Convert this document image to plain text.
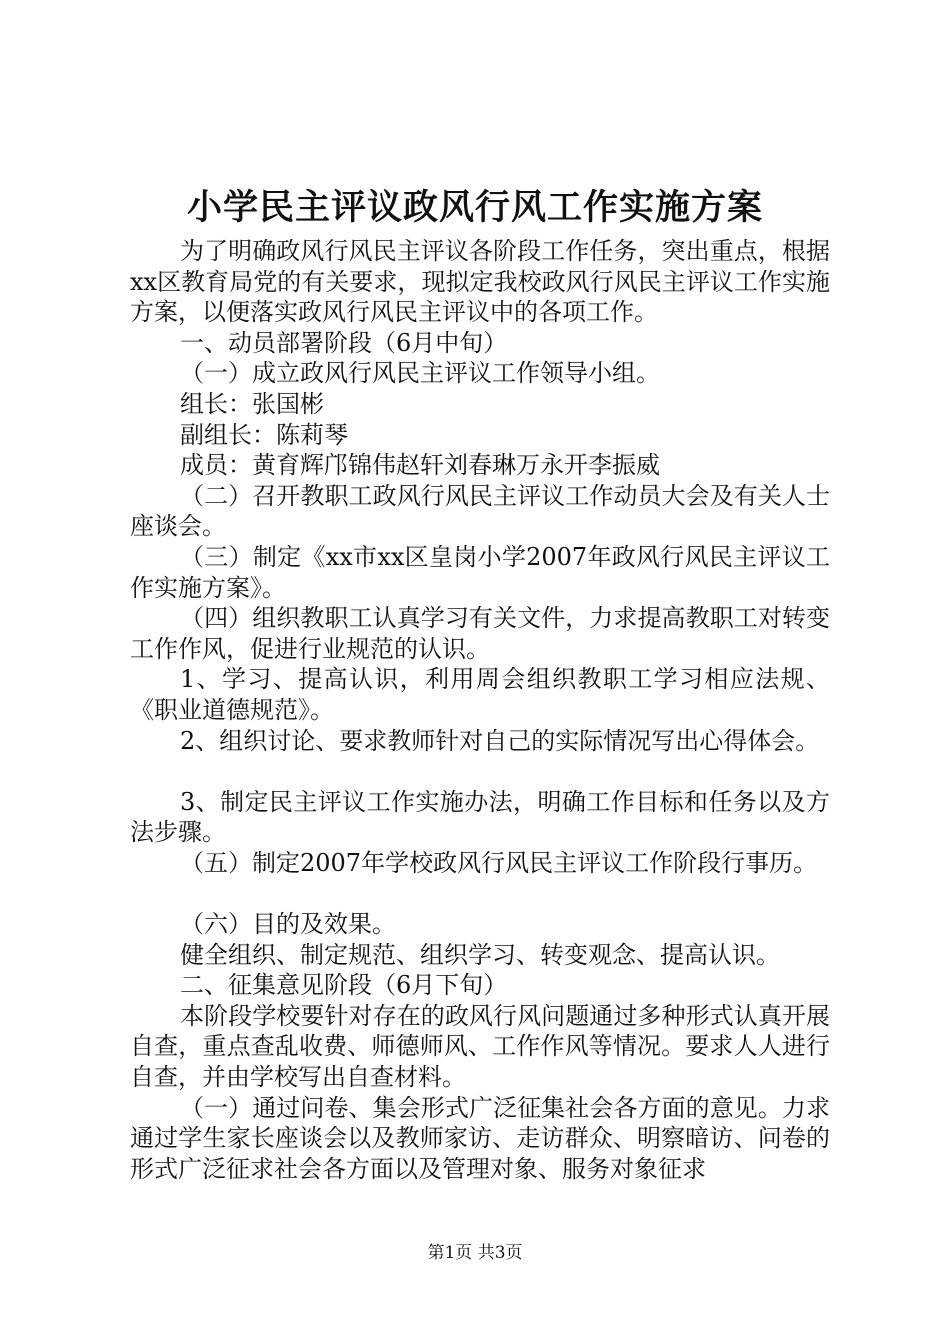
小学民主评议政风行风工作实施方案

为了明确政风行风民主评议各阶段工作任务，突出重点，根据xx区教育局党的有关要求，现拟定我校政风行风民主评议工作实施方案，以便落实政风行风民主评议中的各项工作。

一、动员部署阶段（6月中旬）

（一）成立政风行风民主评议工作领导小组。

组长：张国彬

副组长：陈莉琴

成员：黄育辉邝锦伟赵轩刘春琳万永开李振威

（二）召开教职工政风行风民主评议工作动员大会及有关人士座谈会。

（三）制定《xx市xx区皇岗小学2007年政风行风民主评议工作实施方案》。

（四）组织教职工认真学习有关文件，力求提高教职工对转变工作作风，促进行业规范的认识。

1、学习、提高认识，利用周会组织教职工学习相应法规、《职业道德规范》。

2、组织讨论、要求教师针对自己的实际情况写出心得体会。

3、制定民主评议工作实施办法，明确工作目标和任务以及方法步骤。

（五）制定2007年学校政风行风民主评议工作阶段行事历。

（六）目的及效果。

健全组织、制定规范、组织学习、转变观念、提高认识。

二、征集意见阶段（6月下旬）

本阶段学校要针对存在的政风行风问题通过多种形式认真开展自查，重点查乱收费、师德师风、工作作风等情况。要求人人进行自查，并由学校写出自查材料。

（一）通过问卷、集会形式广泛征集社会各方面的意见。力求通过学生家长座谈会以及教师家访、走访群众、明察暗访、问卷的形式广泛征求社会各方面以及管理对象、服务对象征求

第1页 共3页
